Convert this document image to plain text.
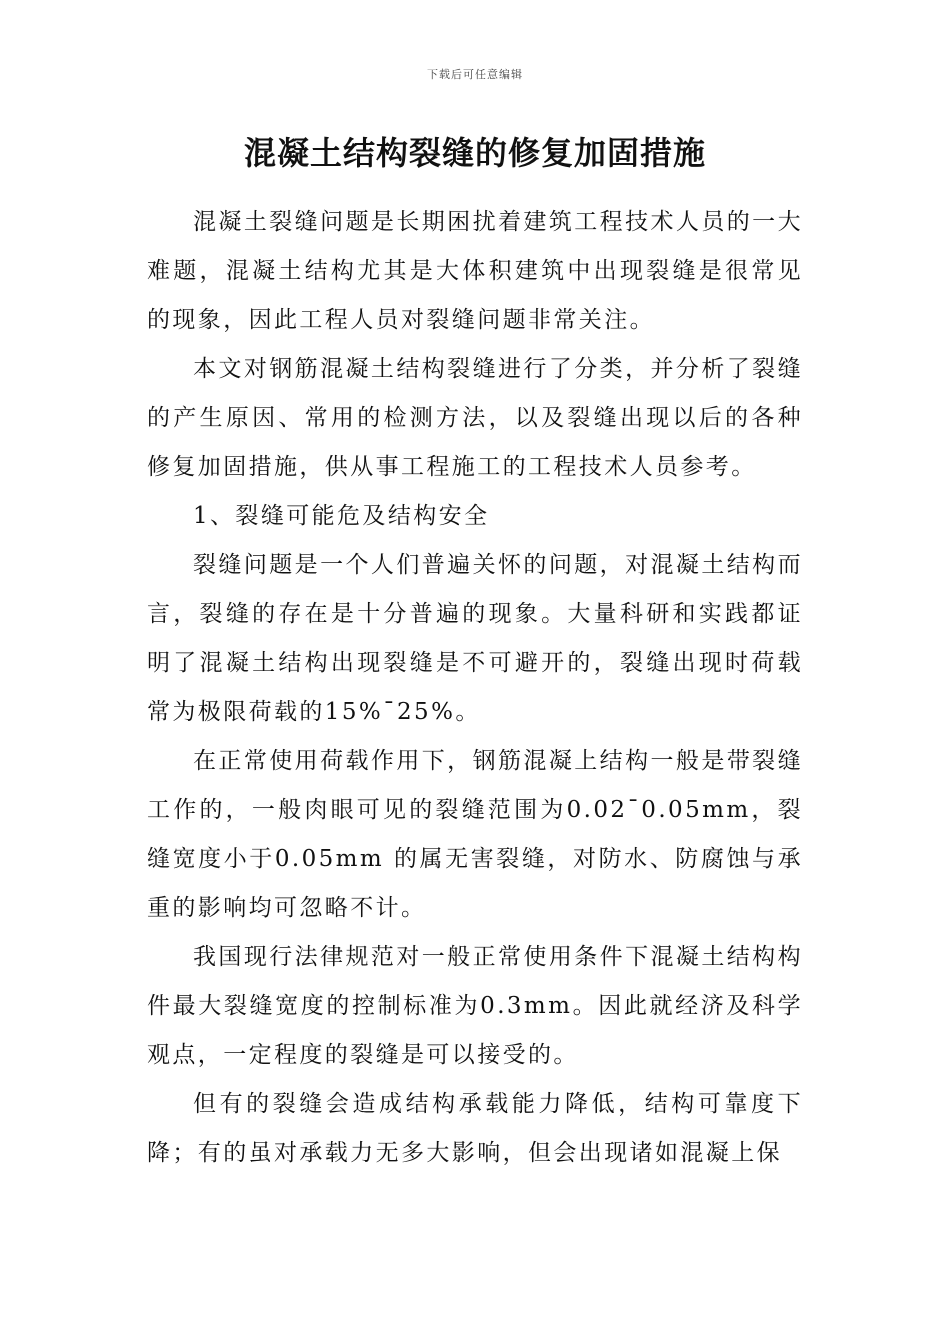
下载后可任意编辑
混凝土结构裂缝的修复加固措施

混凝土裂缝问题是长期困扰着建筑工程技术人员的一大难题，混凝土结构尤其是大体积建筑中出现裂缝是很常见的现象，因此工程人员对裂缝问题非常关注。

本文对钢筋混凝土结构裂缝进行了分类，并分析了裂缝的产生原因、常用的检测方法，以及裂缝出现以后的各种修复加固措施，供从事工程施工的工程技术人员参考。

1、裂缝可能危及结构安全

裂缝问题是一个人们普遍关怀的问题，对混凝土结构而言，裂缝的存在是十分普遍的现象。大量科研和实践都证明了混凝土结构出现裂缝是不可避开的，裂缝出现时荷载常为极限荷载的15%¯25%。

在正常使用荷载作用下，钢筋混凝上结构一般是带裂缝工作的，一般肉眼可见的裂缝范围为0.02¯0.05mm，裂缝宽度小于0.05mm 的属无害裂缝，对防水、防腐蚀与承重的影响均可忽略不计。

我国现行法律规范对一般正常使用条件下混凝土结构构件最大裂缝宽度的控制标准为0.3mm。因此就经济及科学观点，一定程度的裂缝是可以接受的。

但有的裂缝会造成结构承载能力降低，结构可靠度下降；有的虽对承载力无多大影响，但会出现诸如混凝上保
